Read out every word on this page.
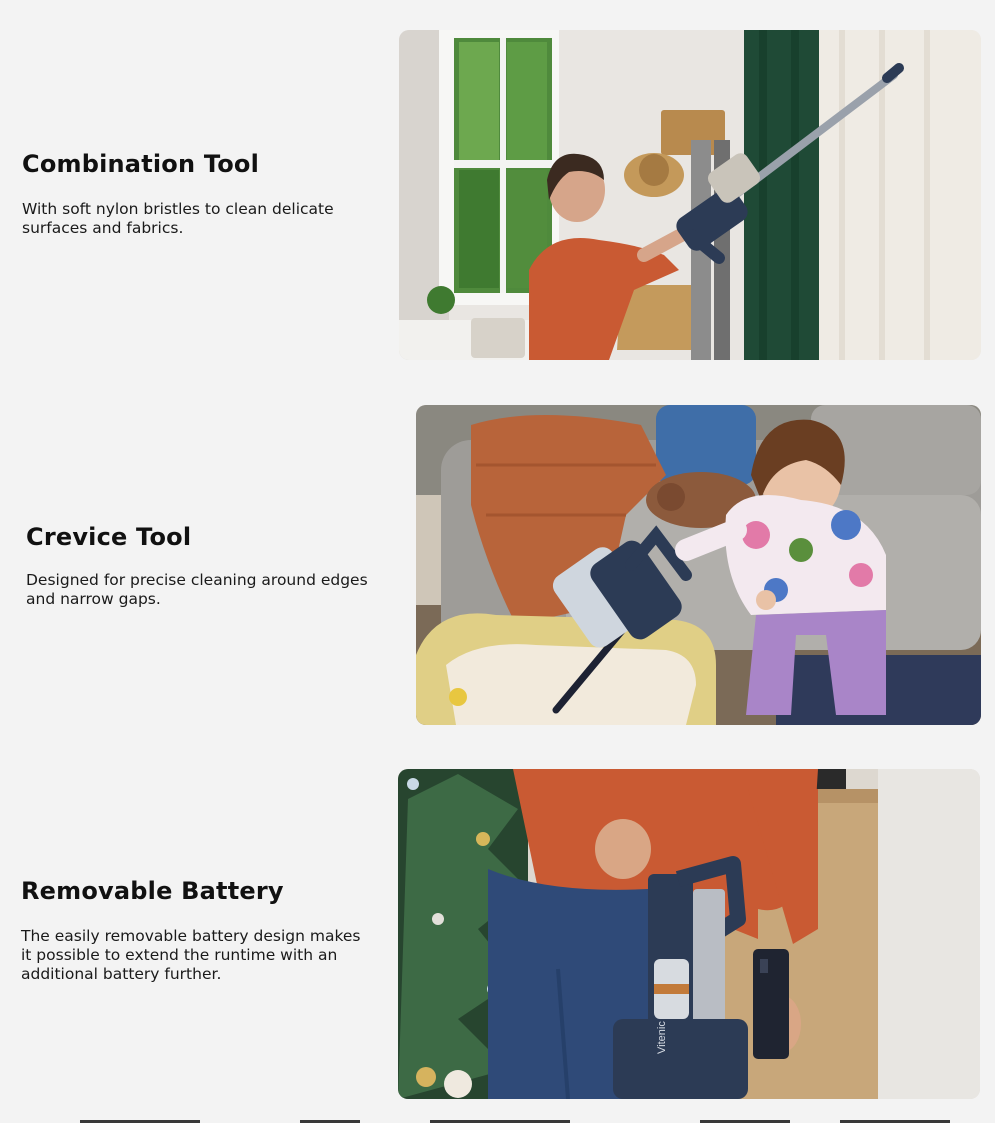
Combination Tool

With soft nylon bristles to clean delicate surfaces and fabrics.

Crevice Tool

Designed for precise cleaning around edges and narrow gaps.

Removable Battery

The easily removable battery design makes it possible to extend the runtime with an additional battery further.

Vitenic
